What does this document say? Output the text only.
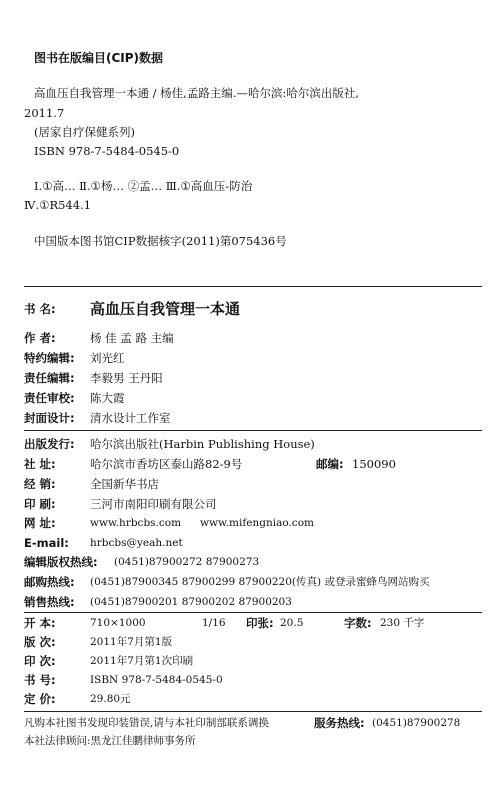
图书在版编目(CIP)数据
高血压自我管理一本通 / 杨佳,孟路主编.—哈尔滨:哈尔滨出版社,
2011.7
(居家自疗保健系列)
ISBN 978-7-5484-0545-0
Ⅰ.①高… Ⅱ.①杨… ②孟… Ⅲ.①高血压-防治
Ⅳ.①R544.1
中国版本图书馆CIP数据核字(2011)第075436号
书 名: 高血压自我管理一本通
作 者:	杨 佳 孟 路 主编
特约编辑: 刘光红
责任编辑: 李毅男 王丹阳
责任审校: 陈大霞
封面设计: 清水设计工作室
出版发行: 哈尔滨出版社(Harbin Publishing House)
社 址:	哈尔滨市香坊区泰山路82-9号	邮编: 150090
经 销:	全国新华书店
印 刷:	三河市南阳印刷有限公司
网 址:	www.hrbcbs.com www.mifengniao.com
E-mail: hrbcbs@yeah.net
编辑版权热线: (0451)87900272 87900273
邮购热线: (0451)87900345 87900299 87900220(传真) 或登录蜜蜂鸟网站购买
销售热线: (0451)87900201 87900202 87900203
开 本:	710×1000	1/16 印张: 20.5	字数: 230 千字
版 次:	2011年7月第1版
印 次:	2011年7月第1次印刷
书 号:	ISBN 978-7-5484-0545-0
定 价:	29.80元
凡购本社图书发现印装错误,请与本社印制部联系调换	服务热线: (0451)87900278
本社法律顾问:黑龙江佳鹏律师事务所
